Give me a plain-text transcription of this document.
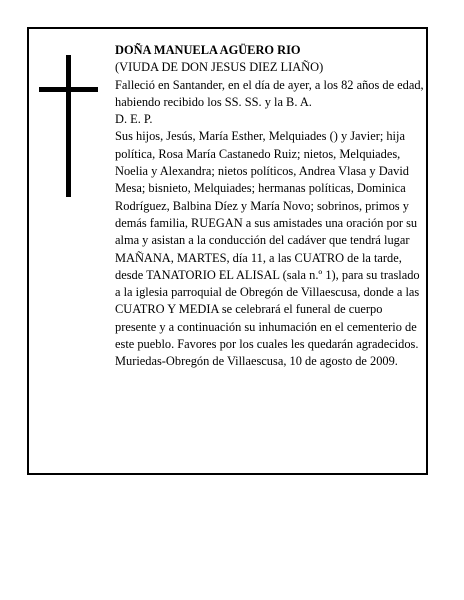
DOÑA MANUELA AGÜERO RIO

(VIUDA DE DON JESUS DIEZ LIAÑO)

Falleció en Santander, en el día de ayer, a los 82 años de edad,

habiendo recibido los SS. SS. y la B. A.

D. E. P.

Sus hijos, Jesús, María Esther, Melquiades () y Javier; hija política, Rosa María Castanedo Ruiz; nietos, Melquiades, Noelia y Alexandra; nietos políticos, Andrea Vlasa y David Mesa; bisnieto, Melquiades; hermanas políticas, Dominica Rodríguez, Balbina Díez y María Novo; sobrinos, primos y demás familia, RUEGAN a sus amistades una oración por su alma y asistan a la conducción del cadáver que tendrá lugar MAÑANA, MARTES, día 11, a las CUATRO de la tarde, desde TANATORIO EL ALISAL (sala n.º 1), para su traslado a la iglesia parroquial de Obregón de Villaescusa, donde a las CUATRO Y MEDIA se celebrará el funeral de cuerpo presente y a continuación su inhumación en el cementerio de este pueblo. Favores por los cuales les quedarán agradecidos.

Muriedas-Obregón de Villaescusa, 10 de agosto de 2009.
